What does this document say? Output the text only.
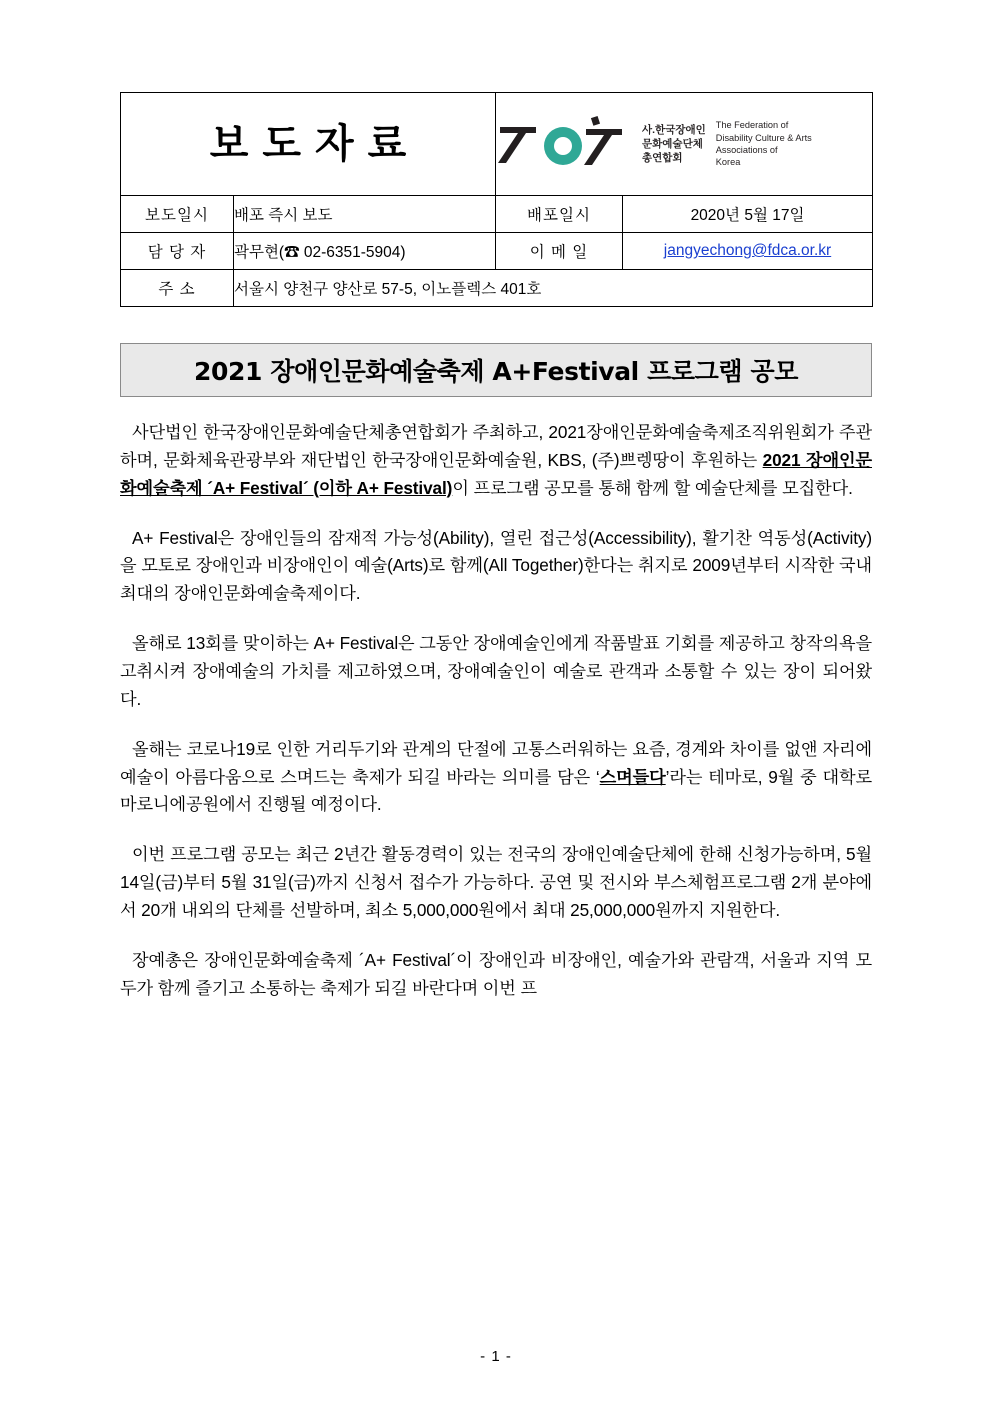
보도자료	사.한국장애인
문화예술단체
총연합회
The Federation of
Disability Culture & Arts
Associations of
Korea

보도일시	배포 즉시 보도	배포일시	2020년 5월 17일
담 당 자	곽무현(☎ 02-6351-5904)	이 메 일	jangyechong@fdca.or.kr
주 소	서울시 양천구 양산로 57-5, 이노플렉스 401호		
2021 장애인문화예술축제 A+Festival 프로그램 공모

사단법인 한국장애인문화예술단체총연합회가 주최하고, 2021장애인문화예술축제조직위원회가 주관하며, 문화체육관광부와 재단법인 한국장애인문화예술원, KBS, (주)쁘렝땅이 후원하는 2021 장애인문화예술축제 ´A+ Festival´ (이하 A+ Festival)이 프로그램 공모를 통해 함께 할 예술단체를 모집한다.

A+ Festival은 장애인들의 잠재적 가능성(Ability), 열린 접근성(Accessibility), 활기찬 역동성(Activity)을 모토로 장애인과 비장애인이 예술(Arts)로 함께(All Together)한다는 취지로 2009년부터 시작한 국내 최대의 장애인문화예술축제이다.

올해로 13회를 맞이하는 A+ Festival은 그동안 장애예술인에게 작품발표 기회를 제공하고 창작의욕을 고취시켜 장애예술의 가치를 제고하였으며, 장애예술인이 예술로 관객과 소통할 수 있는 장이 되어왔다.

올해는 코로나19로 인한 거리두기와 관계의 단절에 고통스러워하는 요즘, 경계와 차이를 없앤 자리에 예술이 아름다움으로 스며드는 축제가 되길 바라는 의미를 담은 ‘스며들다’라는 테마로, 9월 중 대학로 마로니에공원에서 진행될 예정이다.

이번 프로그램 공모는 최근 2년간 활동경력이 있는 전국의 장애인예술단체에 한해 신청가능하며, 5월 14일(금)부터 5월 31일(금)까지 신청서 접수가 가능하다. 공연 및 전시와 부스체험프로그램 2개 분야에서 20개 내외의 단체를 선발하며, 최소 5,000,000원에서 최대 25,000,000원까지 지원한다.

장예총은 장애인문화예술축제 ´A+ Festival´이 장애인과 비장애인, 예술가와 관람객, 서울과 지역 모두가 함께 즐기고 소통하는 축제가 되길 바란다며 이번 프

- 1 -
